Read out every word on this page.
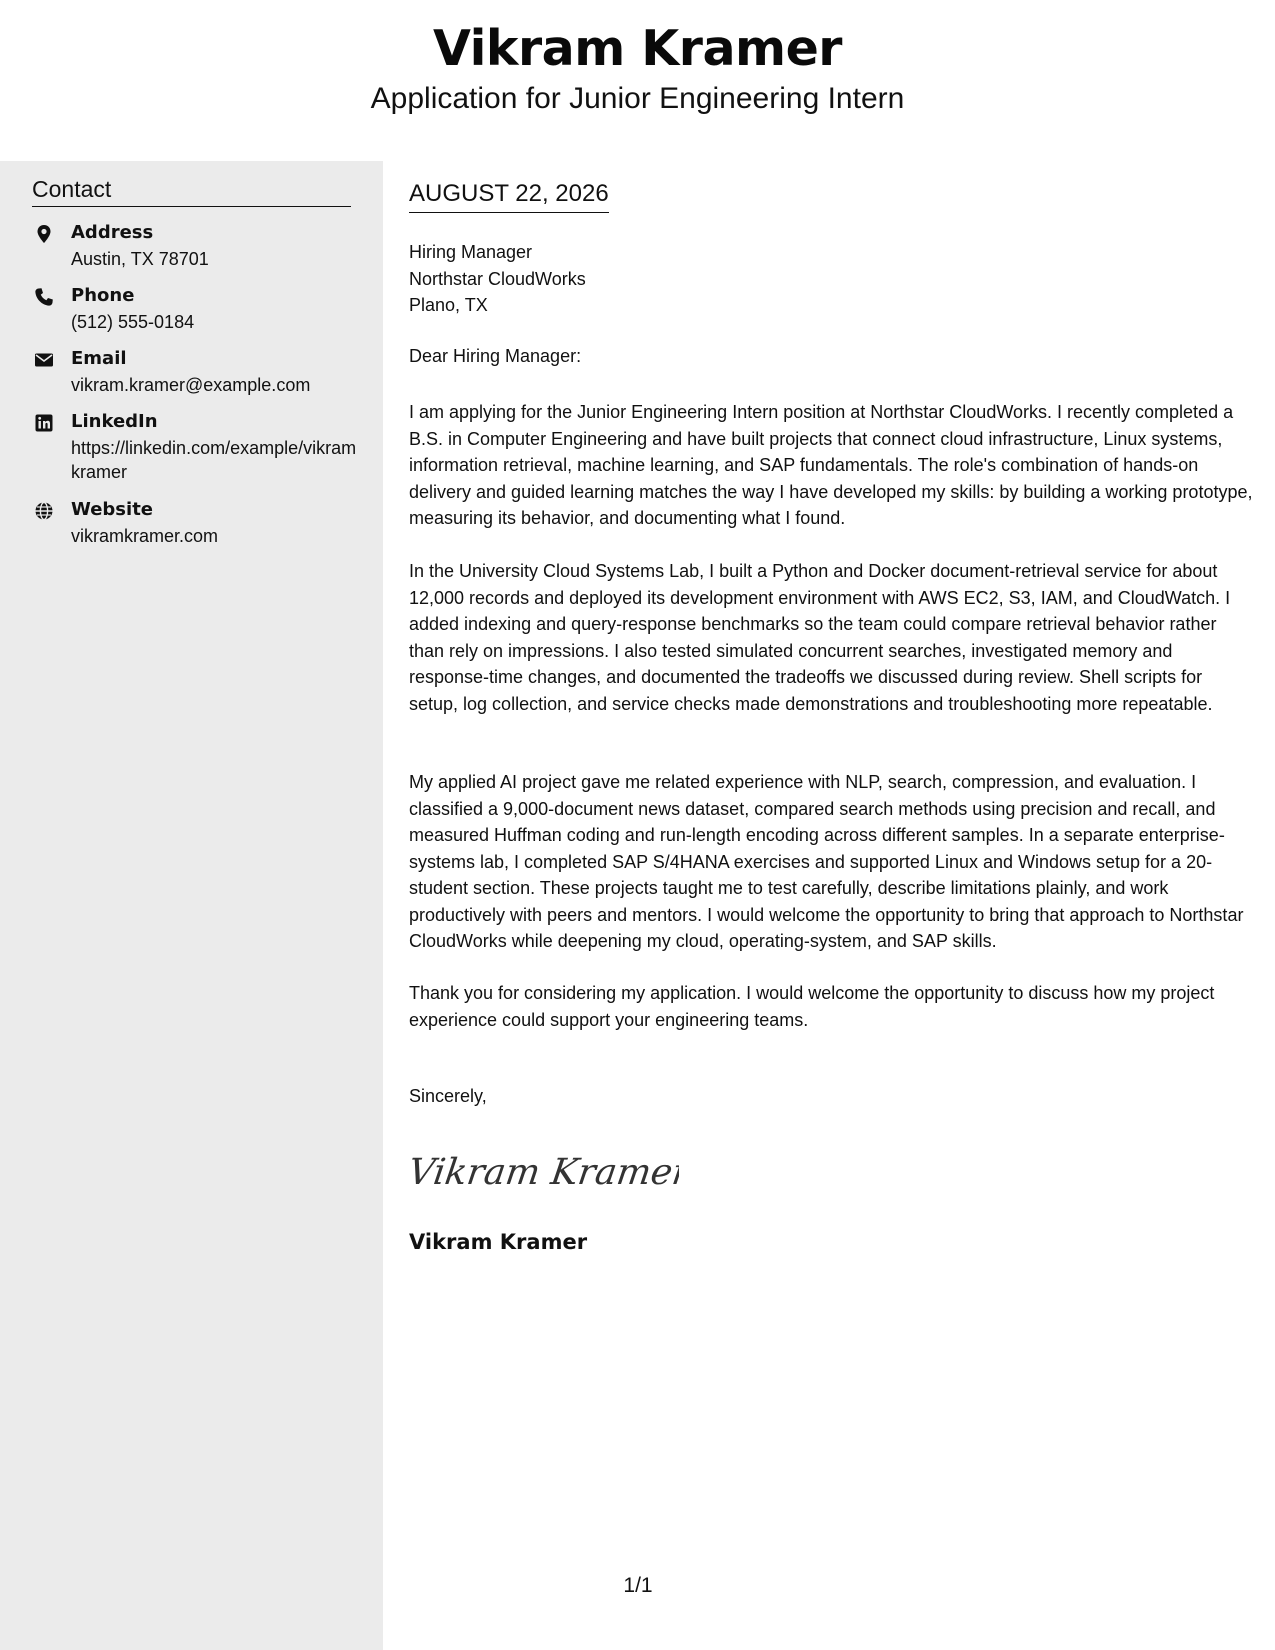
Vikram Kramer
Application for Junior Engineering Intern
Contact
Address
Austin, TX 78701
Phone
(512) 555-0184
Email
vikram.kramer@example.com
LinkedIn
https://linkedin.com/example/vikramkramer
Website
vikramkramer.com
AUGUST 22, 2026
Hiring Manager
Northstar CloudWorks
Plano, TX
Dear Hiring Manager:
I am applying for the Junior Engineering Intern position at Northstar CloudWorks. I recently completed a B.S. in Computer Engineering and have built projects that connect cloud infrastructure, Linux systems, information retrieval, machine learning, and SAP fundamentals. The role's combination of hands-on delivery and guided learning matches the way I have developed my skills: by building a working prototype, measuring its behavior, and documenting what I found.
In the University Cloud Systems Lab, I built a Python and Docker document-retrieval service for about 12,000 records and deployed its development environment with AWS EC2, S3, IAM, and CloudWatch. I added indexing and query-response benchmarks so the team could compare retrieval behavior rather than rely on impressions. I also tested simulated concurrent searches, investigated memory and response-time changes, and documented the tradeoffs we discussed during review. Shell scripts for setup, log collection, and service checks made demonstrations and troubleshooting more repeatable.
My applied AI project gave me related experience with NLP, search, compression, and evaluation. I classified a 9,000-document news dataset, compared search methods using precision and recall, and measured Huffman coding and run-length encoding across different samples. In a separate enterprise-systems lab, I completed SAP S/4HANA exercises and supported Linux and Windows setup for a 20-student section. These projects taught me to test carefully, describe limitations plainly, and work productively with peers and mentors. I would welcome the opportunity to bring that approach to Northstar CloudWorks while deepening my cloud, operating-system, and SAP skills.
Thank you for considering my application. I would welcome the opportunity to discuss how my project experience could support your engineering teams.
Sincerely,
Vikram Kramer
Vikram Kramer
1/1
